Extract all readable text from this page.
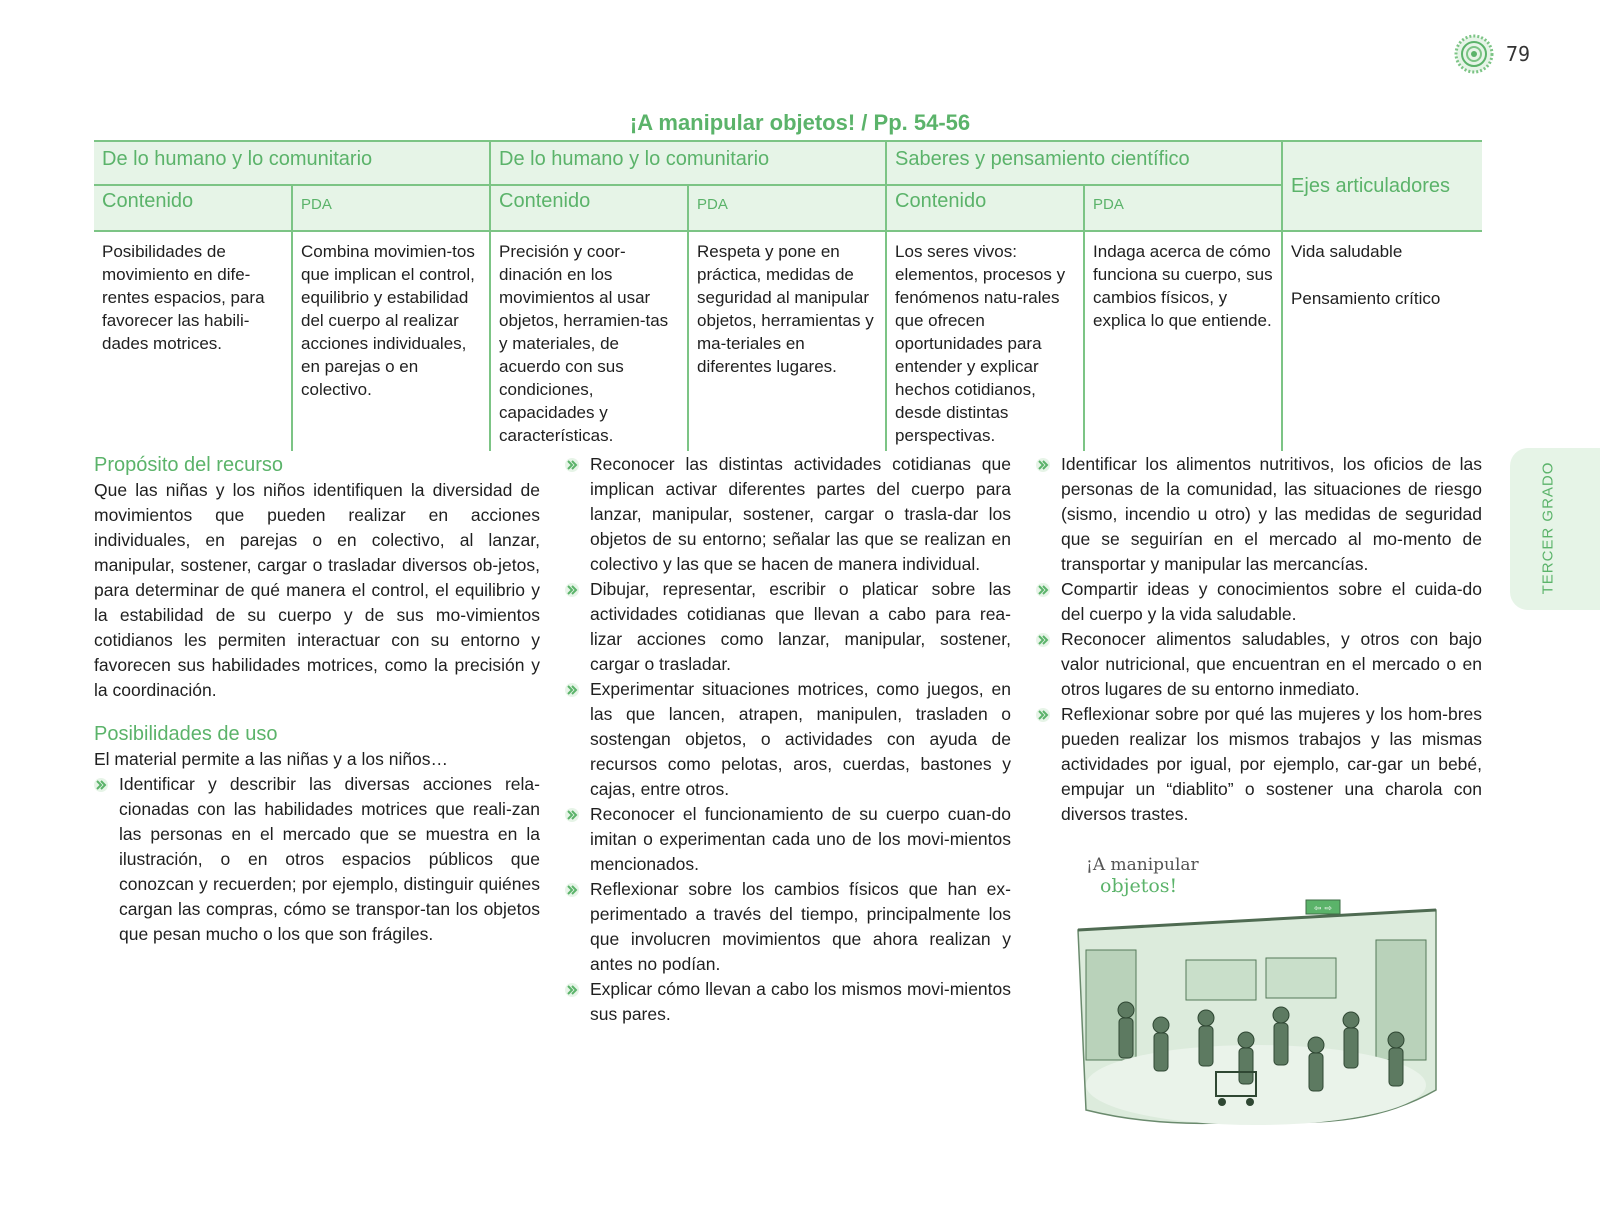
79
¡A manipular objetos! / Pp. 54-56
De lo humano y lo comunitario		De lo humano y lo comunitario		Saberes y pensamiento científico		Ejes articuladores
Contenido	PDA	Contenido	PDA	Contenido	PDA	
Posibilidades de movimiento en dife-rentes espacios, para favorecer las habili-dades motrices.	Combina movimien-tos que implican el control, equilibrio y estabilidad del cuerpo al realizar acciones individuales, en parejas o en colectivo.	Precisión y coor-dinación en los movimientos al usar objetos, herramien-tas y materiales, de acuerdo con sus condiciones, capacidades y características.	Respeta y pone en práctica, medidas de seguridad al manipular objetos, herramientas y ma-teriales en diferentes lugares.	Los seres vivos: elementos, procesos y fenómenos natu-rales que ofrecen oportunidades para entender y explicar hechos cotidianos, desde distintas perspectivas.	Indaga acerca de cómo funciona su cuerpo, sus cambios físicos, y explica lo que entiende.	Vida saludable

Pensamiento crítico

Propósito del recurso

Que las niñas y los niños identifiquen la diversidad de movimientos que pueden realizar en acciones individuales, en parejas o en colectivo, al lanzar, manipular, sostener, cargar o trasladar diversos ob-jetos, para determinar de qué manera el control, el equilibrio y la estabilidad de su cuerpo y de sus mo-vimientos cotidianos les permiten interactuar con su entorno y favorecen sus habilidades motrices, como la precisión y la coordinación.

Posibilidades de uso

El material permite a las niñas y a los niños…

Identificar y describir las diversas acciones rela-cionadas con las habilidades motrices que reali-zan las personas en el mercado que se muestra en la ilustración, o en otros espacios públicos que conozcan y recuerden; por ejemplo, distinguir quiénes cargan las compras, cómo se transpor-tan los objetos que pesan mucho o los que son frágiles.
Reconocer las distintas actividades cotidianas que implican activar diferentes partes del cuerpo para lanzar, manipular, sostener, cargar o trasla-dar los objetos de su entorno; señalar las que se realizan en colectivo y las que se hacen de manera individual.
Dibujar, representar, escribir o platicar sobre las actividades cotidianas que llevan a cabo para rea-lizar acciones como lanzar, manipular, sostener, cargar o trasladar.
Experimentar situaciones motrices, como juegos, en las que lancen, atrapen, manipulen, trasladen o sostengan objetos, o actividades con ayuda de recursos como pelotas, aros, cuerdas, bastones y cajas, entre otros.
Reconocer el funcionamiento de su cuerpo cuan-do imitan o experimentan cada uno de los movi-mientos mencionados.
Reflexionar sobre los cambios físicos que han ex-perimentado a través del tiempo, principalmente los que involucren movimientos que ahora realizan y antes no podían.
Explicar cómo llevan a cabo los mismos movi-mientos sus pares.
Identificar los alimentos nutritivos, los oficios de las personas de la comunidad, las situaciones de riesgo (sismo, incendio u otro) y las medidas de seguridad que se seguirían en el mercado al mo-mento de transportar y manipular las mercancías.
Compartir ideas y conocimientos sobre el cuida-do del cuerpo y la vida saludable.
Reconocer alimentos saludables, y otros con bajo valor nutricional, que encuentran en el mercado o en otros lugares de su entorno inmediato.
Reflexionar sobre por qué las mujeres y los hom-bres pueden realizar los mismos trabajos y las mismas actividades por igual, por ejemplo, car-gar un bebé, empujar un “diablito” o sostener una charola con diversos trastes.
TERCER GRADO
⇦ ⇨
¡A manipular
objetos!
